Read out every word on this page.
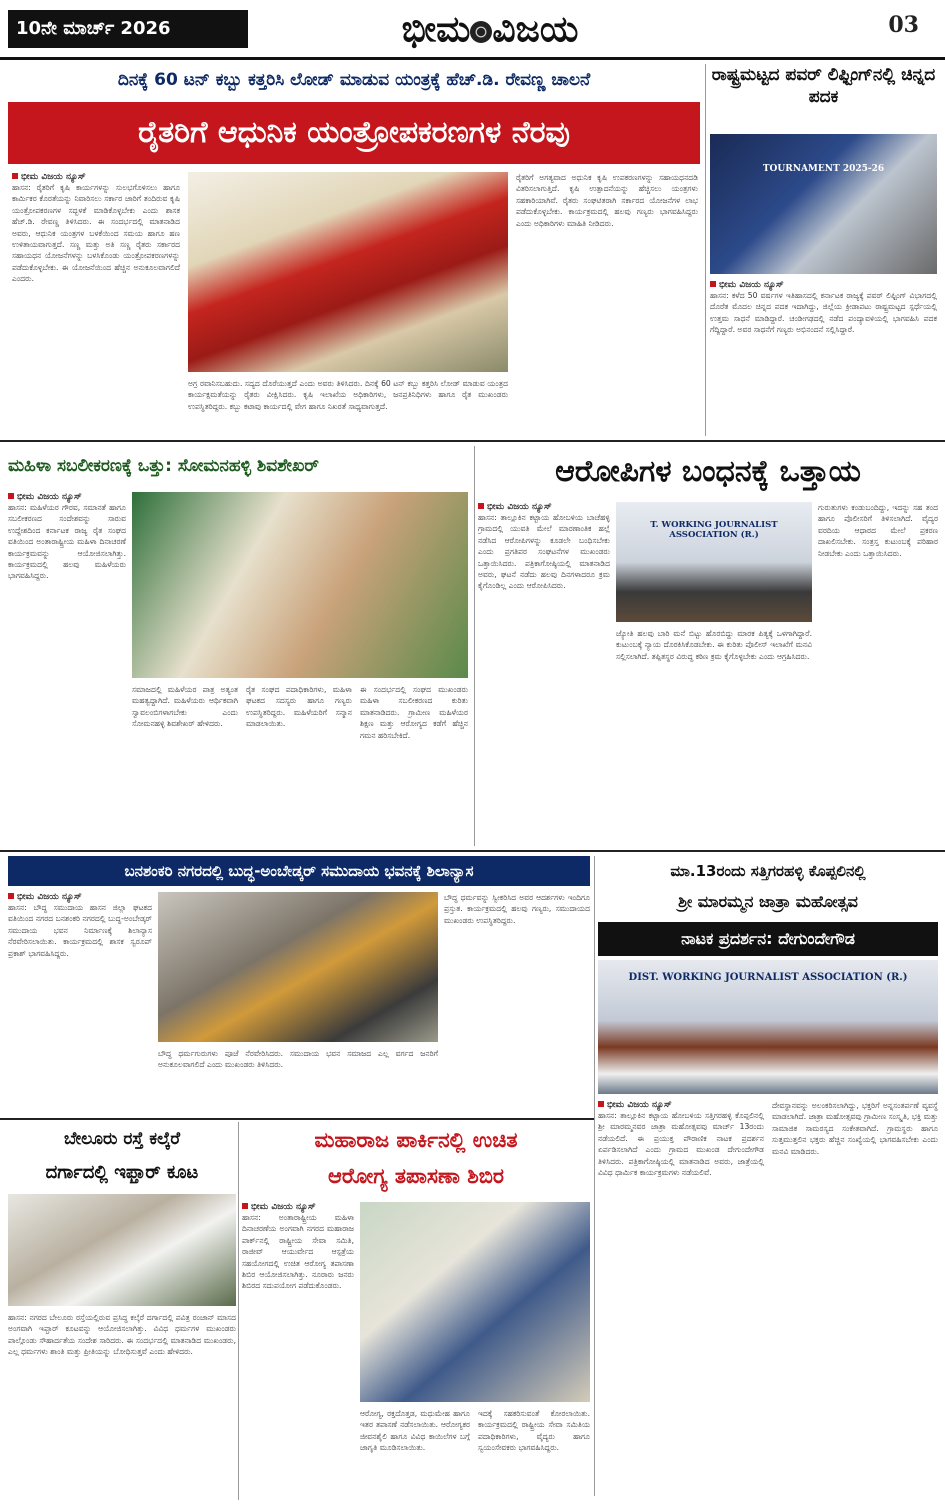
10ನೇ ಮಾರ್ಚ್ 2026	ಭೀಮ ವಿಜಯ	03
ದಿನಕ್ಕೆ 60 ಟನ್ ಕಬ್ಬು ಕತ್ತರಿಸಿ ಲೋಡ್ ಮಾಡುವ ಯಂತ್ರಕ್ಕೆ ಹೆಚ್.ಡಿ. ರೇವಣ್ಣ ಚಾಲನೆ
ರೈತರಿಗೆ ಆಧುನಿಕ ಯಂತ್ರೋಪಕರಣಗಳ ನೆರವು
ಭೀಮ ವಿಜಯ ನ್ಯೂಸ್
ಹಾಸನ: ರೈತರಿಗೆ ಕೃಷಿ ಕಾರ್ಯಗಳನ್ನು ಸುಲಭಗೊಳಿಸಲು ಹಾಗೂ ಕಾರ್ಮಿಕರ ಕೊರತೆಯನ್ನು ನಿವಾರಿಸಲು ಸರ್ಕಾರ ಜಾರಿಗೆ ತಂದಿರುವ ಕೃಷಿ ಯಂತ್ರೋಪಕರಣಗಳ ಸದ್ಬಳಕೆ ಮಾಡಿಕೊಳ್ಳಬೇಕು ಎಂದು ಶಾಸಕ ಹೆಚ್.ಡಿ. ರೇವಣ್ಣ ತಿಳಿಸಿದರು. ಈ ಸಂದರ್ಭದಲ್ಲಿ ಮಾತನಾಡಿದ ಅವರು, ಆಧುನಿಕ ಯಂತ್ರಗಳ ಬಳಕೆಯಿಂದ ಸಮಯ ಹಾಗೂ ಹಣ ಉಳಿತಾಯವಾಗುತ್ತದೆ. ಸಣ್ಣ ಮತ್ತು ಅತಿ ಸಣ್ಣ ರೈತರು ಸರ್ಕಾರದ ಸಹಾಯಧನ ಯೋಜನೆಗಳನ್ನು ಬಳಸಿಕೊಂಡು ಯಂತ್ರೋಪಕರಣಗಳನ್ನು ಪಡೆದುಕೊಳ್ಳಬೇಕು. ಈ ಯೋಜನೆಯಿಂದ ಹೆಚ್ಚಿನ ಅನುಕೂಲವಾಗಲಿದೆ ಎಂದರು.
ಅಗ್ರ ರವಾನಿಸಬಹುದು. ಸದ್ಯದ ದೊರೆಯುತ್ತದೆ ಎಂದು ಅವರು ತಿಳಿಸಿದರು. ದಿನಕ್ಕೆ 60 ಟನ್ ಕಬ್ಬು ಕತ್ತರಿಸಿ ಲೋಡ್ ಮಾಡುವ ಯಂತ್ರದ ಕಾರ್ಯಕ್ಷಮತೆಯನ್ನು ರೈತರು ವೀಕ್ಷಿಸಿದರು. ಕೃಷಿ ಇಲಾಖೆಯ ಅಧಿಕಾರಿಗಳು, ಜನಪ್ರತಿನಿಧಿಗಳು ಹಾಗೂ ರೈತ ಮುಖಂಡರು ಉಪಸ್ಥಿತರಿದ್ದರು. ಕಬ್ಬು ಕಟಾವು ಕಾರ್ಯದಲ್ಲಿ ವೇಗ ಹಾಗೂ ನಿಖರತೆ ಸಾಧ್ಯವಾಗುತ್ತದೆ.
ರೈತರಿಗೆ ಅಗತ್ಯವಾದ ಅಧುನಿಕ ಕೃಷಿ ಉಪಕರಣಗಳನ್ನು ಸಹಾಯಧನದಡಿ ವಿತರಿಸಲಾಗುತ್ತಿದೆ. ಕೃಷಿ ಉತ್ಪಾದನೆಯನ್ನು ಹೆಚ್ಚಿಸಲು ಯಂತ್ರಗಳು ಸಹಕಾರಿಯಾಗಿವೆ. ರೈತರು ಸಂಘಟಿತರಾಗಿ ಸರ್ಕಾರದ ಯೋಜನೆಗಳ ಲಾಭ ಪಡೆದುಕೊಳ್ಳಬೇಕು. ಕಾರ್ಯಕ್ರಮದಲ್ಲಿ ಹಲವು ಗಣ್ಯರು ಭಾಗವಹಿಸಿದ್ದರು ಎಂದು ಅಧಿಕಾರಿಗಳು ಮಾಹಿತಿ ನೀಡಿದರು.
ರಾಷ್ಟ್ರಮಟ್ಟದ ಪವರ್ ಲಿಫ್ಟಿಂಗ್‌ನಲ್ಲಿ ಚಿನ್ನದ ಪದಕ
TOURNAMENT 2025-26
ಭೀಮ ವಿಜಯ ನ್ಯೂಸ್
ಹಾಸನ: ಕಳೆದ 50 ವರ್ಷಗಳ ಇತಿಹಾಸದಲ್ಲಿ ಕರ್ನಾಟಕ ರಾಜ್ಯಕ್ಕೆ ಪವರ್ ಲಿಫ್ಟಿಂಗ್ ವಿಭಾಗದಲ್ಲಿ ದೊರೆತ ಮೊದಲ ಚಿನ್ನದ ಪದಕ ಇದಾಗಿದ್ದು, ಜಿಲ್ಲೆಯ ಕ್ರೀಡಾಪಟು ರಾಷ್ಟ್ರಮಟ್ಟದ ಸ್ಪರ್ಧೆಯಲ್ಲಿ ಉತ್ತಮ ಸಾಧನೆ ಮಾಡಿದ್ದಾರೆ. ಚಂಡೀಗಢದಲ್ಲಿ ನಡೆದ ಪಂದ್ಯಾವಳಿಯಲ್ಲಿ ಭಾಗವಹಿಸಿ ಪದಕ ಗೆದ್ದಿದ್ದಾರೆ. ಅವರ ಸಾಧನೆಗೆ ಗಣ್ಯರು ಅಭಿನಂದನೆ ಸಲ್ಲಿಸಿದ್ದಾರೆ.
ಮಹಿಳಾ ಸಬಲೀಕರಣಕ್ಕೆ ಒತ್ತು: ಸೋಮನಹಳ್ಳಿ ಶಿವಶೇಖರ್
ಭೀಮ ವಿಜಯ ನ್ಯೂಸ್
ಹಾಸನ: ಮಹಿಳೆಯರ ಗೌರವ, ಸಮಾನತೆ ಹಾಗೂ ಸಬಲೀಕರಣದ ಸಂದೇಶವನ್ನು ಸಾರುವ ಉದ್ದೇಶದಿಂದ ಕರ್ನಾಟಕ ರಾಜ್ಯ ರೈತ ಸಂಘದ ವತಿಯಿಂದ ಅಂತಾರಾಷ್ಟ್ರೀಯ ಮಹಿಳಾ ದಿನಾಚರಣೆ ಕಾರ್ಯಕ್ರಮವನ್ನು ಆಯೋಜಿಸಲಾಗಿತ್ತು. ಕಾರ್ಯಕ್ರಮದಲ್ಲಿ ಹಲವು ಮಹಿಳೆಯರು ಭಾಗವಹಿಸಿದ್ದರು.
ಸಮಾಜದಲ್ಲಿ ಮಹಿಳೆಯರ ಪಾತ್ರ ಅತ್ಯಂತ ಮಹತ್ವದ್ದಾಗಿದೆ. ಮಹಿಳೆಯರು ಆರ್ಥಿಕವಾಗಿ ಸ್ವಾವಲಂಬಿಗಳಾಗಬೇಕು ಎಂದು ಸೋಮನಹಳ್ಳಿ ಶಿವಶೇಖರ್ ಹೇಳಿದರು.
ರೈತ ಸಂಘದ ಪದಾಧಿಕಾರಿಗಳು, ಮಹಿಳಾ ಘಟಕದ ಸದಸ್ಯರು ಹಾಗೂ ಗಣ್ಯರು ಉಪಸ್ಥಿತರಿದ್ದರು. ಮಹಿಳೆಯರಿಗೆ ಸನ್ಮಾನ ಮಾಡಲಾಯಿತು.
ಈ ಸಂದರ್ಭದಲ್ಲಿ ಸಂಘದ ಮುಖಂಡರು ಮಹಿಳಾ ಸಬಲೀಕರಣದ ಕುರಿತು ಮಾತನಾಡಿದರು. ಗ್ರಾಮೀಣ ಮಹಿಳೆಯರ ಶಿಕ್ಷಣ ಮತ್ತು ಆರೋಗ್ಯದ ಕಡೆಗೆ ಹೆಚ್ಚಿನ ಗಮನ ಹರಿಸಬೇಕಿದೆ.
ಆರೋಪಿಗಳ ಬಂಧನಕ್ಕೆ ಒತ್ತಾಯ
ಭೀಮ ವಿಜಯ ನ್ಯೂಸ್
ಹಾಸನ: ತಾಲ್ಲೂಕಿನ ಕಟ್ಟಾಯ ಹೋಬಳಿಯ ಬಾಚೆಹಳ್ಳಿ ಗ್ರಾಮದಲ್ಲಿ ಯುವತಿ ಮೇಲೆ ಮಾರಣಾಂತಿಕ ಹಲ್ಲೆ ನಡೆಸಿದ ಆರೋಪಿಗಳನ್ನು ಕೂಡಲೇ ಬಂಧಿಸಬೇಕು ಎಂದು ಪ್ರಗತಿಪರ ಸಂಘಟನೆಗಳ ಮುಖಂಡರು ಒತ್ತಾಯಿಸಿದರು. ಪತ್ರಿಕಾಗೋಷ್ಠಿಯಲ್ಲಿ ಮಾತನಾಡಿದ ಅವರು, ಘಟನೆ ನಡೆದು ಹಲವು ದಿನಗಳಾದರೂ ಕ್ರಮ ಕೈಗೊಂಡಿಲ್ಲ ಎಂದು ಆರೋಪಿಸಿದರು.
T. WORKING JOURNALIST ASSOCIATION (R.)
ಜ್ಯೋತಿ ಹಲವು ಬಾರಿ ಮನೆ ಬಿಟ್ಟು ಹೊರಬಿದ್ದು ಮಾರಕ ಪಿತ್ಯಕ್ಕೆ ಒಳಗಾಗಿದ್ದಾರೆ. ಕುಟುಂಬಕ್ಕೆ ನ್ಯಾಯ ದೊರಕಿಸಿಕೊಡಬೇಕು. ಈ ಕುರಿತು ಪೊಲೀಸ್ ಇಲಾಖೆಗೆ ಮನವಿ ಸಲ್ಲಿಸಲಾಗಿದೆ. ತಪ್ಪಿತಸ್ಥರ ವಿರುದ್ಧ ಕಠಿಣ ಕ್ರಮ ಕೈಗೊಳ್ಳಬೇಕು ಎಂದು ಆಗ್ರಹಿಸಿದರು.
ಗುರುತುಗಳು ಕಂಡುಬಂದಿದ್ದು, ಇದನ್ನು ಸಹ ತಂದ ಹಾಗೂ ಪೊಲೀಸರಿಗೆ ತಿಳಿಸಲಾಗಿದೆ. ವೈದ್ಯರ ವರದಿಯ ಆಧಾರದ ಮೇಲೆ ಪ್ರಕರಣ ದಾಖಲಿಸಬೇಕು. ಸಂತ್ರಸ್ತ ಕುಟುಂಬಕ್ಕೆ ಪರಿಹಾರ ನೀಡಬೇಕು ಎಂದು ಒತ್ತಾಯಿಸಿದರು.
ಬನಶಂಕರಿ ನಗರದಲ್ಲಿ ಬುದ್ಧ-ಅಂಬೇಡ್ಕರ್ ಸಮುದಾಯ ಭವನಕ್ಕೆ ಶಿಲಾನ್ಯಾಸ
ಭೀಮ ವಿಜಯ ನ್ಯೂಸ್
ಹಾಸನ: ಬೌದ್ಧ ಸಮುದಾಯ ಹಾಸನ ಜಿಲ್ಲಾ ಘಟಕದ ವತಿಯಿಂದ ನಗರದ ಬನಶಂಕರಿ ನಗರದಲ್ಲಿ ಬುದ್ಧ-ಅಂಬೇಡ್ಕರ್ ಸಮುದಾಯ ಭವನ ನಿರ್ಮಾಣಕ್ಕೆ ಶಿಲಾನ್ಯಾಸ ನೆರವೇರಿಸಲಾಯಿತು. ಕಾರ್ಯಕ್ರಮದಲ್ಲಿ ಶಾಸಕ ಸ್ವರೂಪ್ ಪ್ರಕಾಶ್ ಭಾಗವಹಿಸಿದ್ದರು.
ಬೌದ್ಧ ಧರ್ಮಗುರುಗಳು ಪೂಜೆ ನೆರವೇರಿಸಿದರು. ಸಮುದಾಯ ಭವನ ಸಮಾಜದ ಎಲ್ಲ ವರ್ಗದ ಜನರಿಗೆ ಅನುಕೂಲವಾಗಲಿದೆ ಎಂದು ಮುಖಂಡರು ತಿಳಿಸಿದರು.
ಬೌದ್ಧ ಧರ್ಮವನ್ನು ಸ್ವೀಕರಿಸಿದ ಅವರ ಆದರ್ಶಗಳು ಇಂದಿಗೂ ಪ್ರಸ್ತುತ. ಕಾರ್ಯಕ್ರಮದಲ್ಲಿ ಹಲವು ಗಣ್ಯರು, ಸಮುದಾಯದ ಮುಖಂಡರು ಉಪಸ್ಥಿತರಿದ್ದರು.
ಮಾ.13ರಂದು ಸತ್ತಿಗರಹಳ್ಳಿ ಕೊಪ್ಪಲಿನಲ್ಲಿ
ಶ್ರೀ ಮಾರಮ್ಮನ ಜಾತ್ರಾ ಮಹೋತ್ಸವ
ನಾಟಕ ಪ್ರದರ್ಶನ: ದೇಗುಂದೇಗೌಡ
DIST. WORKING JOURNALIST ASSOCIATION (R.)
ಭೀಮ ವಿಜಯ ನ್ಯೂಸ್
ಹಾಸನ: ತಾಲ್ಲೂಕಿನ ಕಟ್ಟಾಯ ಹೋಬಳಿಯ ಸತ್ತಿಗರಹಳ್ಳಿ ಕೊಪ್ಪಲಿನಲ್ಲಿ ಶ್ರೀ ಮಾರಮ್ಮನವರ ಜಾತ್ರಾ ಮಹೋತ್ಸವವು ಮಾರ್ಚ್ 13ರಂದು ನಡೆಯಲಿದೆ. ಈ ಪ್ರಯುಕ್ತ ಪೌರಾಣಿಕ ನಾಟಕ ಪ್ರದರ್ಶನ ಏರ್ಪಡಿಸಲಾಗಿದೆ ಎಂದು ಗ್ರಾಮದ ಮುಖಂಡ ದೇಗುಂದೇಗೌಡ ತಿಳಿಸಿದರು. ಪತ್ರಿಕಾಗೋಷ್ಠಿಯಲ್ಲಿ ಮಾತನಾಡಿದ ಅವರು, ಜಾತ್ರೆಯಲ್ಲಿ ವಿವಿಧ ಧಾರ್ಮಿಕ ಕಾರ್ಯಕ್ರಮಗಳು ನಡೆಯಲಿವೆ.
ದೇವಸ್ಥಾನವನ್ನು ಅಲಂಕರಿಸಲಾಗಿದ್ದು, ಭಕ್ತರಿಗೆ ಅನ್ನಸಂತರ್ಪಣೆ ವ್ಯವಸ್ಥೆ ಮಾಡಲಾಗಿದೆ. ಜಾತ್ರಾ ಮಹೋತ್ಸವವು ಗ್ರಾಮೀಣ ಸಂಸ್ಕೃತಿ, ಭಕ್ತಿ ಮತ್ತು ಸಾಮಾಜಿಕ ಸಾಮರಸ್ಯದ ಸಂಕೇತವಾಗಿದೆ. ಗ್ರಾಮಸ್ಥರು ಹಾಗೂ ಸುತ್ತಮುತ್ತಲಿನ ಭಕ್ತರು ಹೆಚ್ಚಿನ ಸಂಖ್ಯೆಯಲ್ಲಿ ಭಾಗವಹಿಸಬೇಕು ಎಂದು ಮನವಿ ಮಾಡಿದರು.
ಬೇಲೂರು ರಸ್ತೆ ಕಲ್ಕೆರೆ
ದರ್ಗಾದಲ್ಲಿ ಇಫ್ತಾರ್ ಕೂಟ
ಹಾಸನ: ನಗರದ ಬೇಲೂರು ರಸ್ತೆಯಲ್ಲಿರುವ ಪ್ರಸಿದ್ಧ ಕಲ್ಕೆರೆ ದರ್ಗಾದಲ್ಲಿ ಪವಿತ್ರ ರಂಜಾನ್ ಮಾಸದ ಅಂಗವಾಗಿ ಇಫ್ತಾರ್ ಕೂಟವನ್ನು ಆಯೋಜಿಸಲಾಗಿತ್ತು. ವಿವಿಧ ಧರ್ಮಗಳ ಮುಖಂಡರು ಪಾಲ್ಗೊಂಡು ಸೌಹಾರ್ದತೆಯ ಸಂದೇಶ ಸಾರಿದರು. ಈ ಸಂದರ್ಭದಲ್ಲಿ ಮಾತನಾಡಿದ ಮುಖಂಡರು, ಎಲ್ಲ ಧರ್ಮಗಳು ಶಾಂತಿ ಮತ್ತು ಪ್ರೀತಿಯನ್ನು ಬೋಧಿಸುತ್ತವೆ ಎಂದು ಹೇಳಿದರು.
ಮಹಾರಾಜ ಪಾರ್ಕಿನಲ್ಲಿ ಉಚಿತ
ಆರೋಗ್ಯ ತಪಾಸಣಾ ಶಿಬಿರ
ಭೀಮ ವಿಜಯ ನ್ಯೂಸ್
ಹಾಸನ: ಅಂತಾರಾಷ್ಟ್ರೀಯ ಮಹಿಳಾ ದಿನಾಚರಣೆಯ ಅಂಗವಾಗಿ ನಗರದ ಮಹಾರಾಜ ಪಾರ್ಕ್‌ನಲ್ಲಿ ರಾಷ್ಟ್ರೀಯ ಸೇವಾ ಸಮಿತಿ, ರಾಜೀವ್ ಆಯುರ್ವೇದ ಆಸ್ಪತ್ರೆಯ ಸಹಯೋಗದಲ್ಲಿ ಉಚಿತ ಆರೋಗ್ಯ ತಪಾಸಣಾ ಶಿಬಿರ ಆಯೋಜಿಸಲಾಗಿತ್ತು. ನೂರಾರು ಜನರು ಶಿಬಿರದ ಸದುಪಯೋಗ ಪಡೆದುಕೊಂಡರು.
ಆರೋಗ್ಯ, ರಕ್ತದೊತ್ತಡ, ಮಧುಮೇಹ ಹಾಗೂ ಇತರ ತಪಾಸಣೆ ನಡೆಸಲಾಯಿತು. ಆರೋಗ್ಯಕರ ಜೀವನಶೈಲಿ ಹಾಗೂ ವಿವಿಧ ಕಾಯಿಲೆಗಳ ಬಗ್ಗೆ ಜಾಗೃತಿ ಮೂಡಿಸಲಾಯಿತು.
ಇದಕ್ಕೆ ಸಹಕರಿಸುವಂತೆ ಕೋರಲಾಯಿತು. ಕಾರ್ಯಕ್ರಮದಲ್ಲಿ ರಾಷ್ಟ್ರೀಯ ಸೇವಾ ಸಮಿತಿಯ ಪದಾಧಿಕಾರಿಗಳು, ವೈದ್ಯರು ಹಾಗೂ ಸ್ವಯಂಸೇವಕರು ಭಾಗವಹಿಸಿದ್ದರು.
